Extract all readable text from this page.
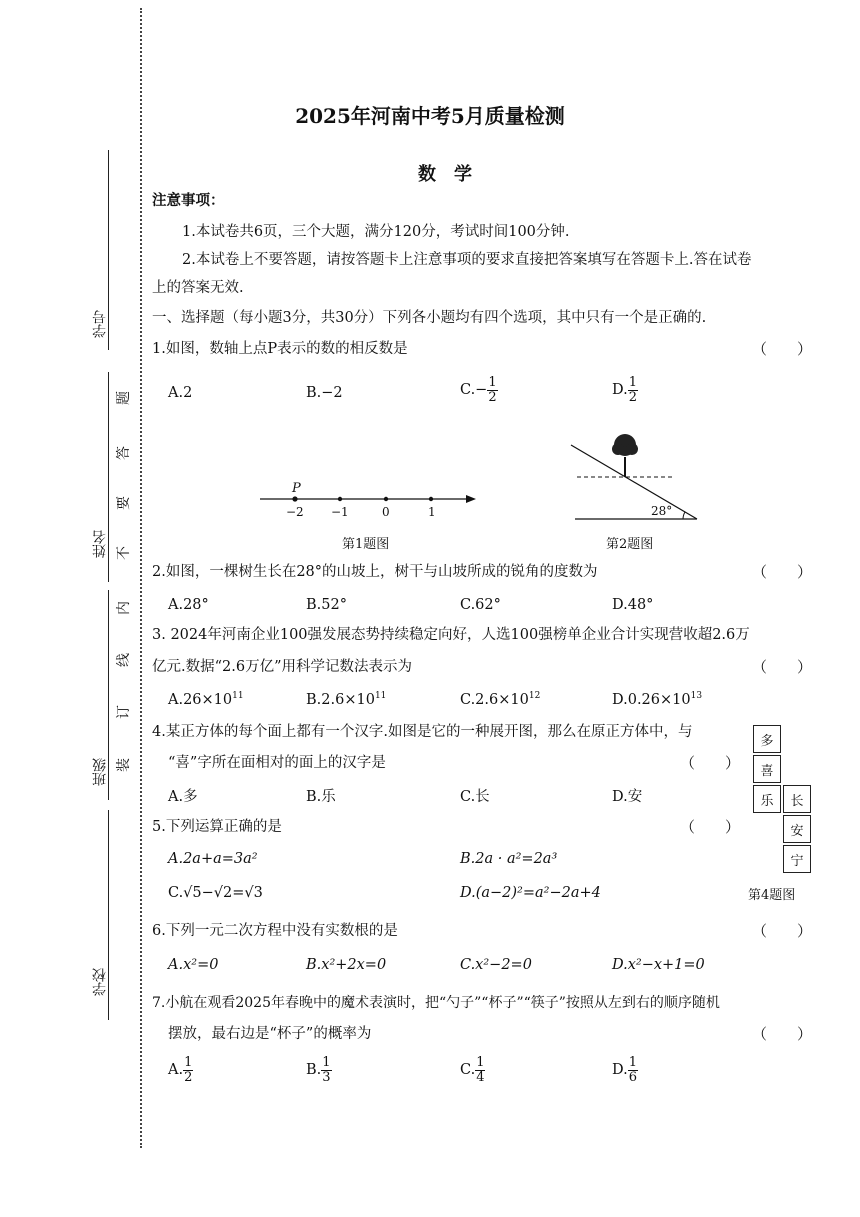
学号
姓名
班级
学校
题
答
要
不
内
线
订
装
2025年河南中考5月质量检测
数　学
注意事项：
1.本试卷共6页，三个大题，满分120分，考试时间100分钟.
2.本试卷上不要答题，请按答题卡上注意事项的要求直接把答案填写在答题卡上.答在试卷
上的答案无效.
一、选择题（每小题3分，共30分）下列各小题均有四个选项，其中只有一个是正确的.
1.如图，数轴上点P表示的数的相反数是	（　　）
A.2	B.−2	$C.- \frac{1}{2}$	D. $\frac{1}{2}$
P
−2 −1	0	1
第1题图
28°
第2题图
2.如图，一棵树生长在28°的山坡上，树干与山坡所成的锐角的度数为	（　　）
A.28°	B.52°	C.62°	D.48°
3. 2024年河南企业100强发展态势持续稳定向好，人选100强榜单企业合计实现营收超2.6万
亿元.数据“2.6万亿”用科学记数法表示为	（　　）
$A.26\times 10^{11}$	$B.2.6\times 10^{11}$	$C.2.6\times 10^{12}$	$D.0.26\times 10^{13}$
4.某正方体的每个面上都有一个汉字.如图是它的一种展开图，那么在原正方体中，与
“喜”字所在面相对的面上的汉字是	（　　）
A.多	B.乐	C.长	D.安
多
喜
乐	长
安
宁
第4题图
5.下列运算正确的是	（　　）
A.2a+a=3a²	B.2a · a²=2a³
C.√5−√2=√3	D.(a−2)²=a²−2a+4
6.下列一元二次方程中没有实数根的是	（　　）
A.x²=0	B.x²+2x=0	C.x²−2=0	D.x²−x+1=0
7.小航在观看2025年春晚中的魔术表演时，把“勺子”“杯子”“筷子”按照从左到右的顺序随机
摆放，最右边是“杯子”的概率为	（　　）
A. $\frac{1}{2}$	B. $\frac{1}{3}$	C. $\frac{1}{4}$	D. $\frac{1}{6}$
